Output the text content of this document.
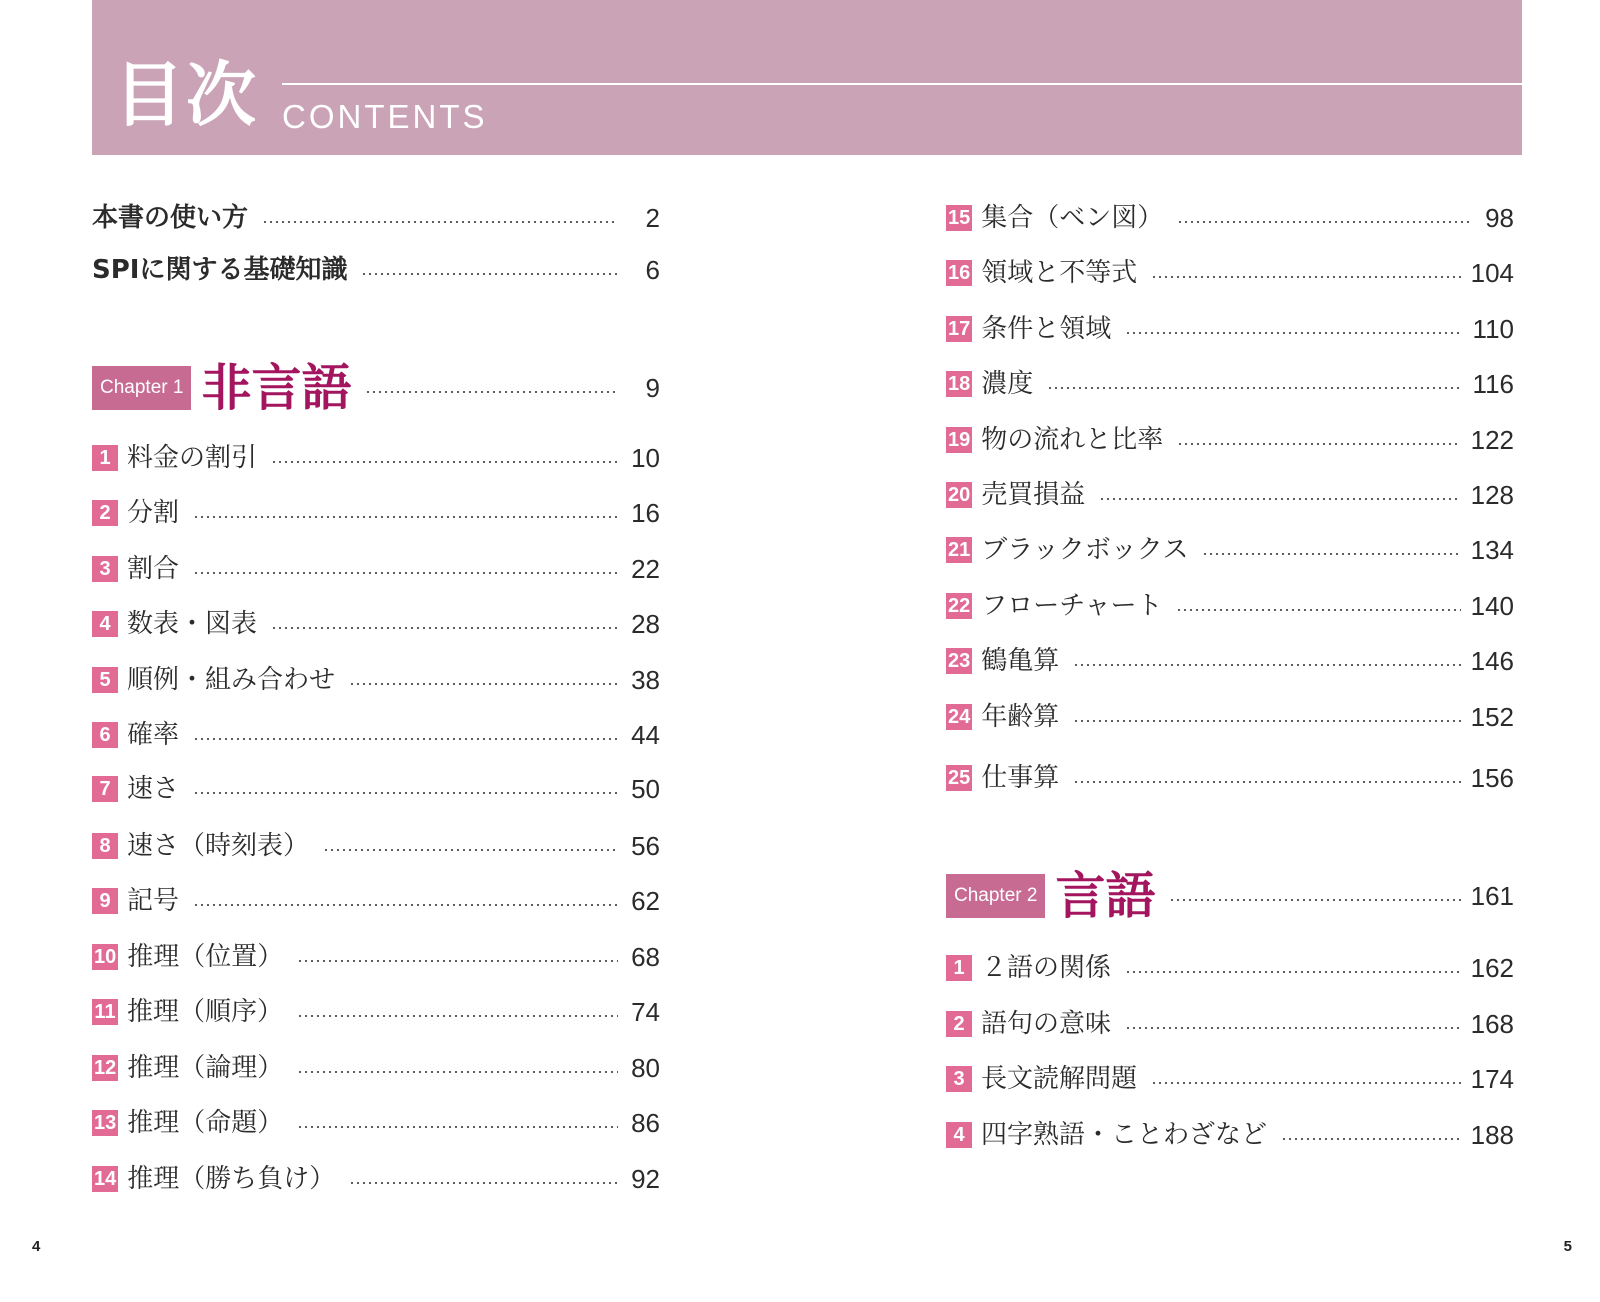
目次 CONTENTS
本書の使い方	2
SPIに関する基礎知識	6
Chapter 1 非言語	9
1 料金の割引	10
2 分割	16
3 割合	22
4 数表・図表	28
5 順例・組み合わせ	38
6 確率	44
7 速さ	50
8 速さ（時刻表）	56
9 記号	62
10 推理（位置）	68
11 推理（順序）	74
12 推理（論理）	80
13 推理（命題）	86
14 推理（勝ち負け）	92
15 集合（ベン図）	98
16 領域と不等式	104
17 条件と領域	110
18 濃度	116
19 物の流れと比率	122
20 売買損益	128
21 ブラックボックス	134
22 フローチャート	140
23 鶴亀算	146
24 年齢算	152
25 仕事算	156
Chapter 2 言語	161
1 ２語の関係	162
2 語句の意味	168
3 長文読解問題	174
4 四字熟語・ことわざなど	188
4	5
